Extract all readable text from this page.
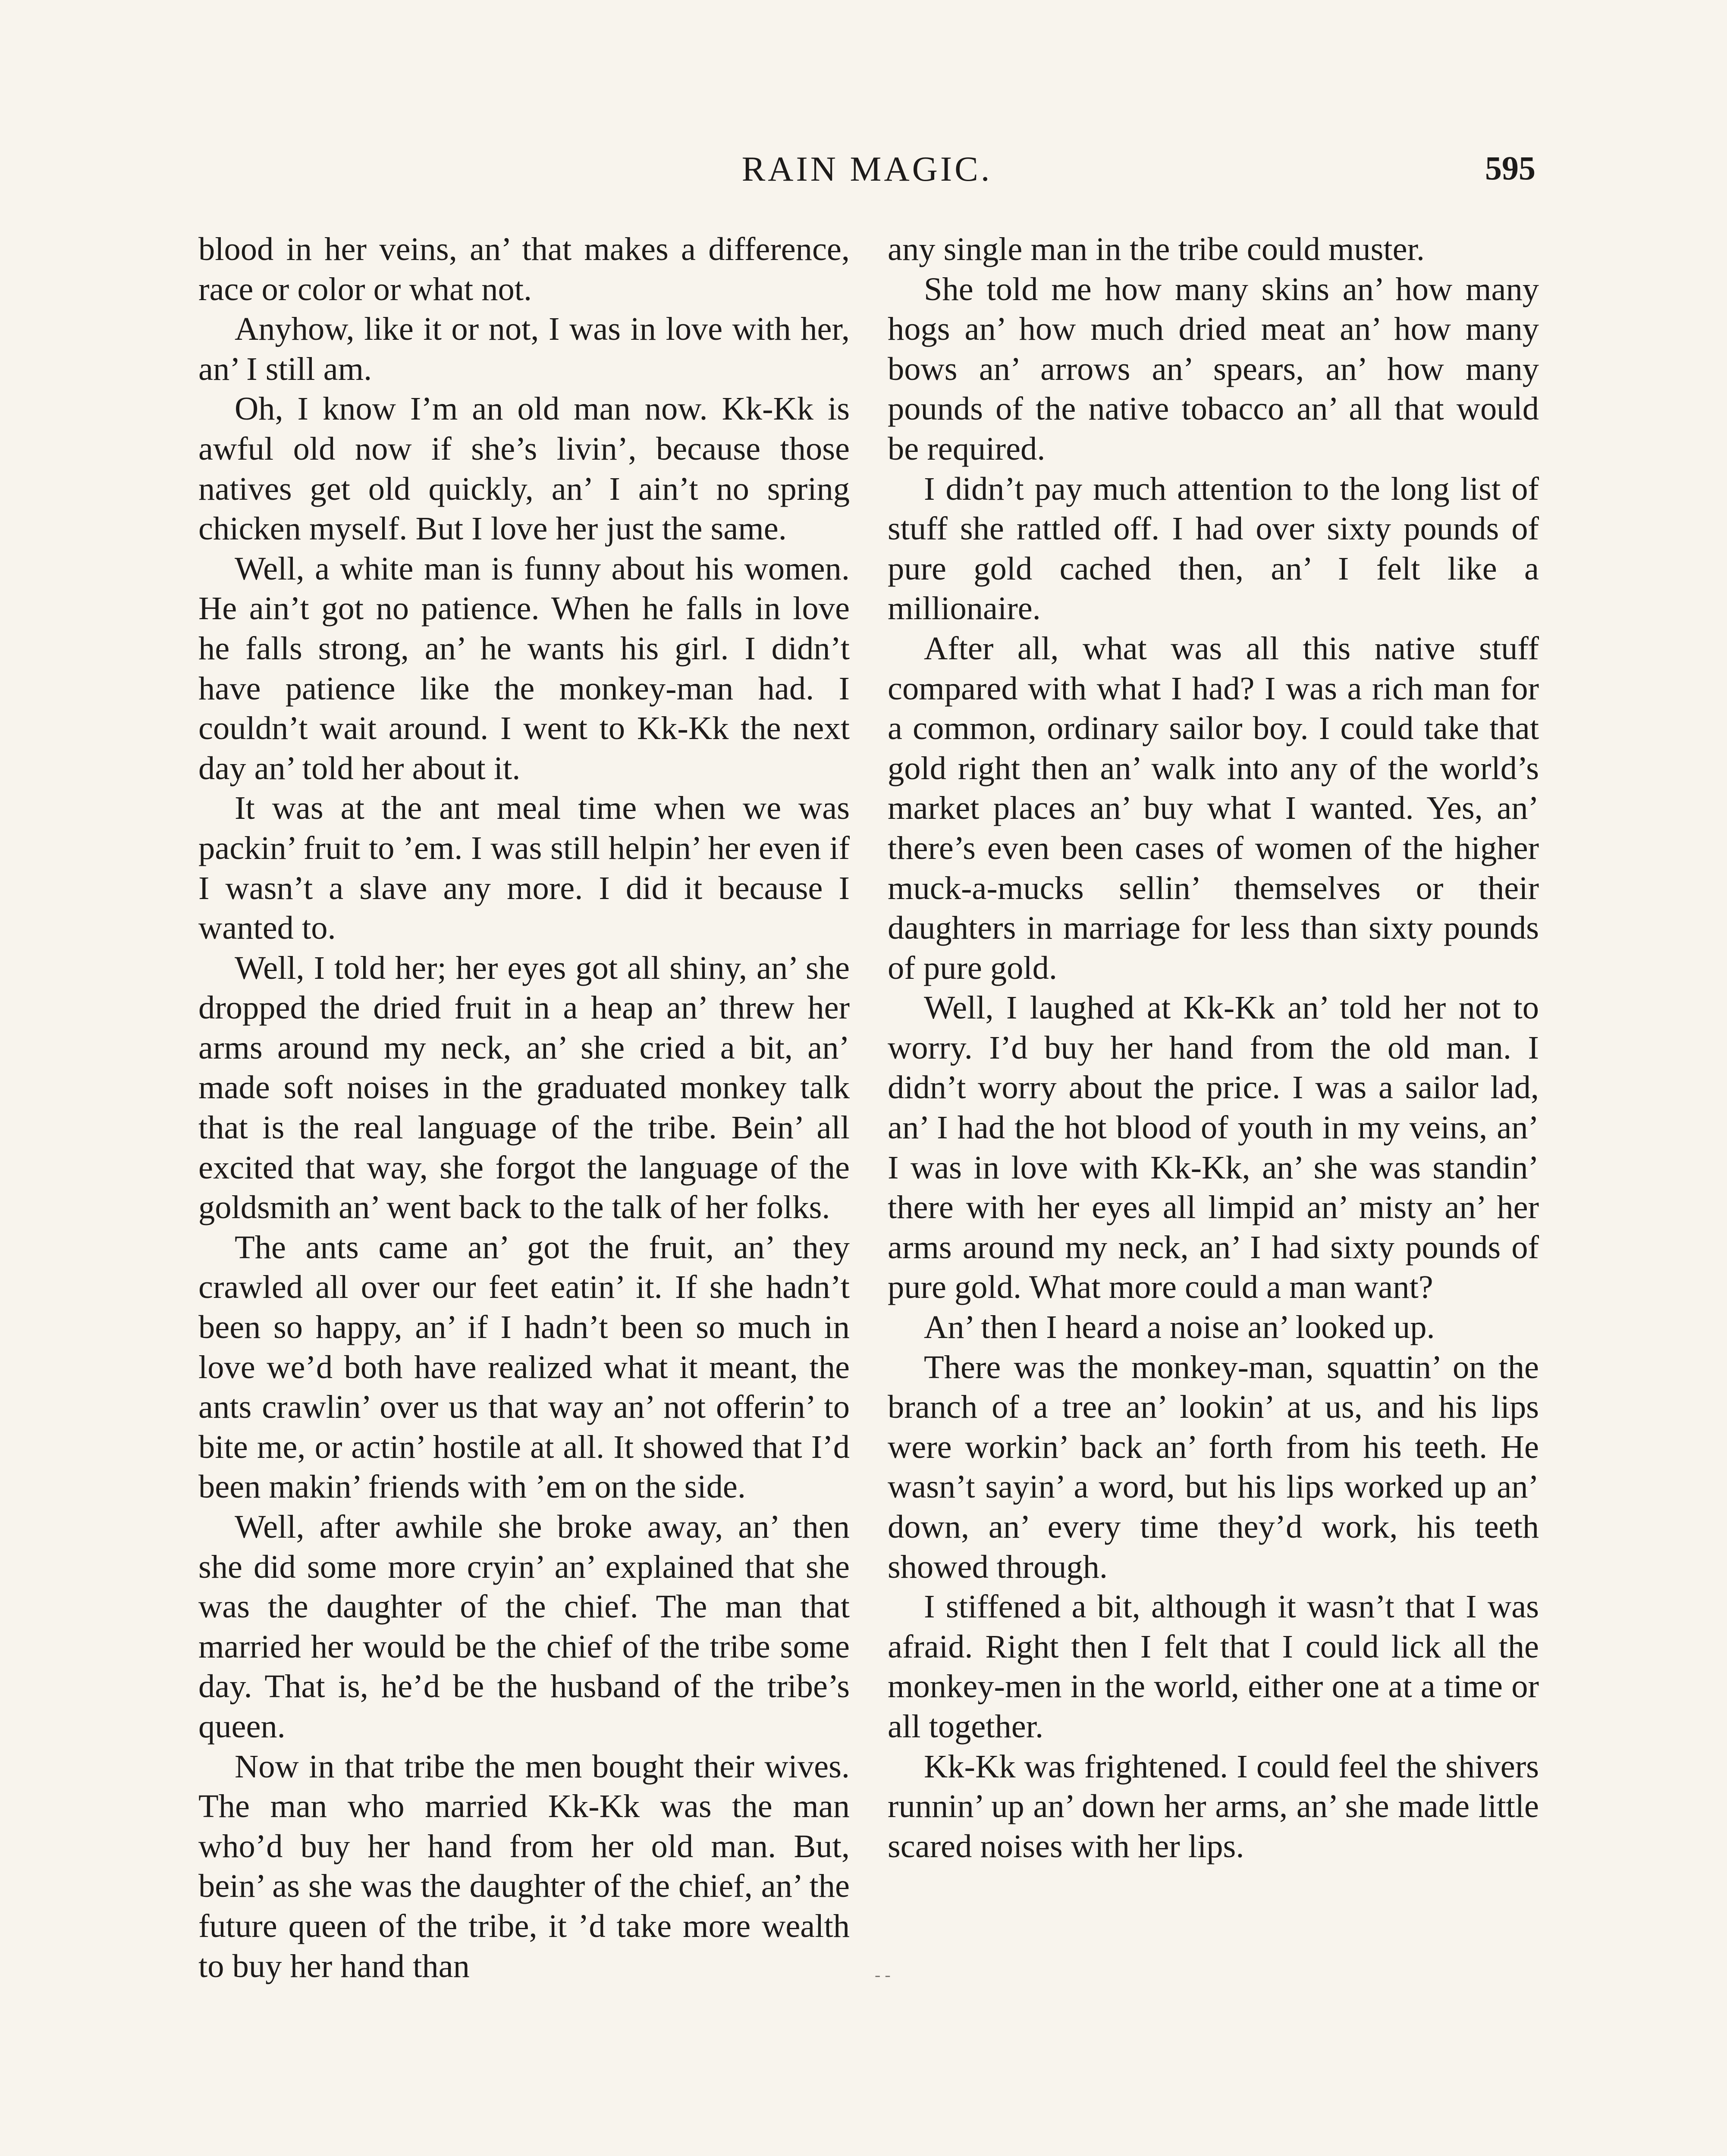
RAIN MAGIC.	595

blood in her veins, an’ that makes a difference, race or color or what not.

Anyhow, like it or not, I was in love with her, an’ I still am.

Oh, I know I’m an old man now. Kk-Kk is awful old now if she’s livin’, because those natives get old quickly, an’ I ain’t no spring chicken myself. But I love her just the same.

Well, a white man is funny about his women. He ain’t got no patience. When he falls in love he falls strong, an’ he wants his girl. I didn’t have patience like the monkey-man had. I couldn’t wait around. I went to Kk-Kk the next day an’ told her about it.

It was at the ant meal time when we was packin’ fruit to ’em. I was still helpin’ her even if I wasn’t a slave any more. I did it because I wanted to.

Well, I told her; her eyes got all shiny, an’ she dropped the dried fruit in a heap an’ threw her arms around my neck, an’ she cried a bit, an’ made soft noises in the graduated monkey talk that is the real language of the tribe. Bein’ all excited that way, she forgot the language of the goldsmith an’ went back to the talk of her folks.

The ants came an’ got the fruit, an’ they crawled all over our feet eatin’ it. If she hadn’t been so happy, an’ if I hadn’t been so much in love we’d both have realized what it meant, the ants crawlin’ over us that way an’ not offerin’ to bite me, or actin’ hostile at all. It showed that I’d been makin’ friends with ’em on the side.

Well, after awhile she broke away, an’ then she did some more cryin’ an’ explained that she was the daughter of the chief. The man that married her would be the chief of the tribe some day. That is, he’d be the husband of the tribe’s queen.

Now in that tribe the men bought their wives. The man who married Kk-Kk was the man who’d buy her hand from her old man. But, bein’ as she was the daughter of the chief, an’ the future queen of the tribe, it ’d take more wealth to buy her hand than

any single man in the tribe could muster.

She told me how many skins an’ how many hogs an’ how much dried meat an’ how many bows an’ arrows an’ spears, an’ how many pounds of the native tobacco an’ all that would be required.

I didn’t pay much attention to the long list of stuff she rattled off. I had over sixty pounds of pure gold cached then, an’ I felt like a millionaire.

After all, what was all this native stuff compared with what I had? I was a rich man for a common, ordinary sailor boy. I could take that gold right then an’ walk into any of the world’s market places an’ buy what I wanted. Yes, an’ there’s even been cases of women of the higher muck-a-mucks sellin’ themselves or their daughters in marriage for less than sixty pounds of pure gold.

Well, I laughed at Kk-Kk an’ told her not to worry. I’d buy her hand from the old man. I didn’t worry about the price. I was a sailor lad, an’ I had the hot blood of youth in my veins, an’ I was in love with Kk-Kk, an’ she was standin’ there with her eyes all limpid an’ misty an’ her arms around my neck, an’ I had sixty pounds of pure gold. What more could a man want?

An’ then I heard a noise an’ looked up.

There was the monkey-man, squattin’ on the branch of a tree an’ lookin’ at us, and his lips were workin’ back an’ forth from his teeth. He wasn’t sayin’ a word, but his lips worked up an’ down, an’ every time they’d work, his teeth showed through.

I stiffened a bit, although it wasn’t that I was afraid. Right then I felt that I could lick all the monkey-men in the world, either one at a time or all together.

Kk-Kk was frightened. I could feel the shivers runnin’ up an’ down her arms, an’ she made little scared noises with her lips.

- -
